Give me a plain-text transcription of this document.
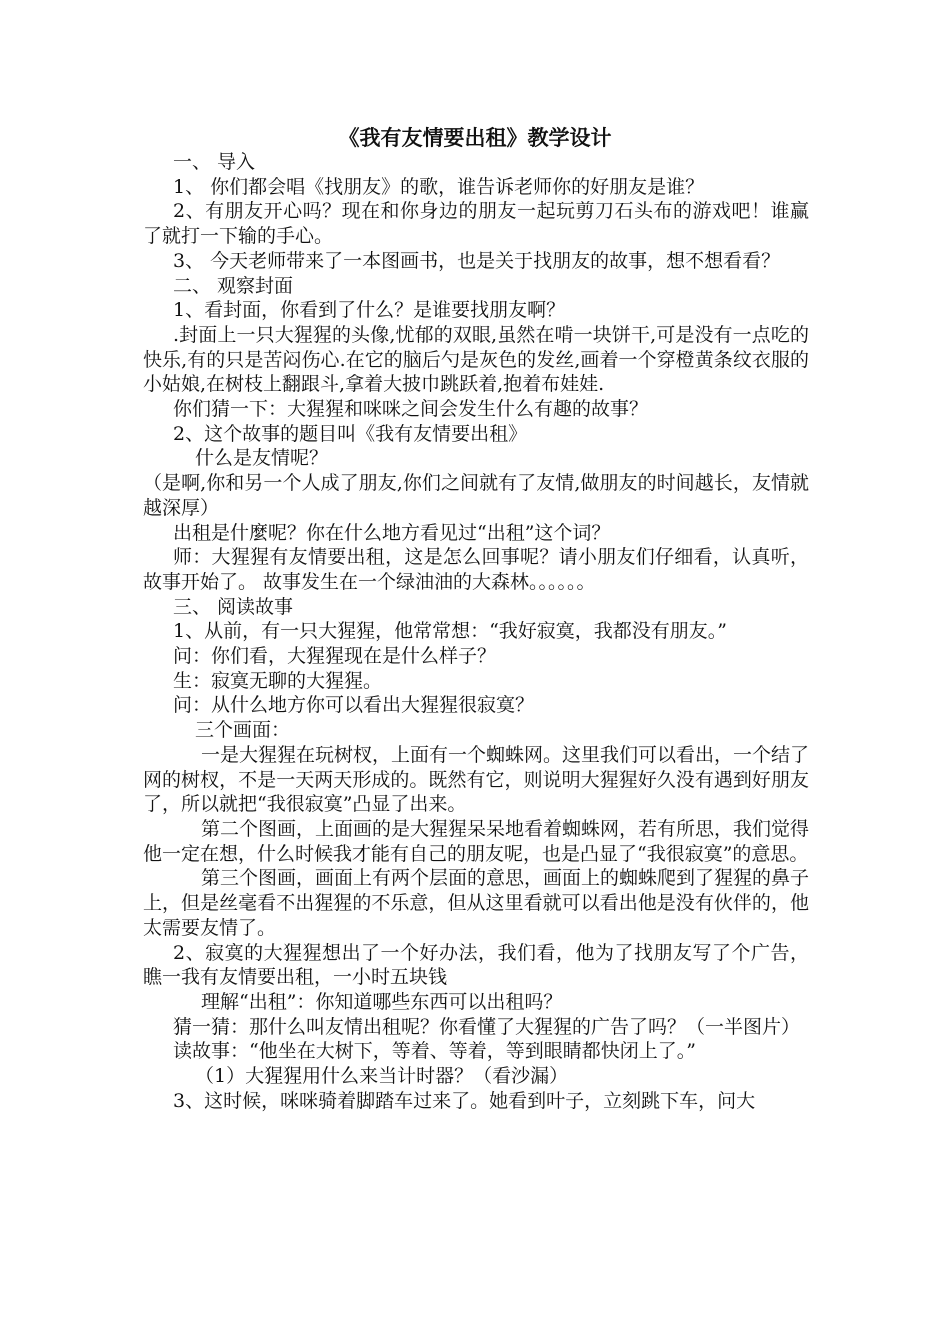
《我有友情要出租》教学设计

一、 导入

1、 你们都会唱《找朋友》的歌，谁告诉老师你的好朋友是谁？

2、有朋友开心吗？现在和你身边的朋友一起玩剪刀石头布的游戏吧！谁赢了就打一下输的手心。

3、 今天老师带来了一本图画书，也是关于找朋友的故事，想不想看看？

二、 观察封面

1、看封面，你看到了什么？是谁要找朋友啊？

.封面上一只大猩猩的头像,忧郁的双眼,虽然在啃一块饼干,可是没有一点吃的快乐,有的只是苦闷伤心.在它的脑后勺是灰色的发丝,画着一个穿橙黄条纹衣服的小姑娘,在树枝上翻跟斗,拿着大披巾跳跃着,抱着布娃娃.

你们猜一下：大猩猩和咪咪之间会发生什么有趣的故事？

2、这个故事的题目叫《我有友情要出租》

什么是友情呢？

（是啊,你和另一个人成了朋友,你们之间就有了友情,做朋友的时间越长，友情就越深厚）

出租是什麼呢？你在什么地方看见过“出租”这个词？

师：大猩猩有友情要出租，这是怎么回事呢？请小朋友们仔细看，认真听，故事开始了。 故事发生在一个绿油油的大森林。。。。。。

三、 阅读故事

1、从前，有一只大猩猩，他常常想：“我好寂寞，我都没有朋友。”

问：你们看，大猩猩现在是什么样子？

生：寂寞无聊的大猩猩。

问：从什么地方你可以看出大猩猩很寂寞？

三个画面：

一是大猩猩在玩树杈，上面有一个蜘蛛网。这里我们可以看出，一个结了网的树杈，不是一天两天形成的。既然有它，则说明大猩猩好久没有遇到好朋友了，所以就把“我很寂寞”凸显了出来。

第二个图画，上面画的是大猩猩呆呆地看着蜘蛛网，若有所思，我们觉得他一定在想，什么时候我才能有自己的朋友呢，也是凸显了“我很寂寞”的意思。

第三个图画，画面上有两个层面的意思，画面上的蜘蛛爬到了猩猩的鼻子上，但是丝毫看不出猩猩的不乐意，但从这里看就可以看出他是没有伙伴的，他太需要友情了。

2、寂寞的大猩猩想出了一个好办法，我们看，他为了找朋友写了个广告，瞧一我有友情要出租，一小时五块钱

理解“出租”：你知道哪些东西可以出租吗？

猜一猜：那什么叫友情出租呢？你看懂了大猩猩的广告了吗？（一半图片）

读故事：“他坐在大树下，等着、等着，等到眼睛都快闭上了。”

（1）大猩猩用什么来当计时器？（看沙漏）

3、这时候，咪咪骑着脚踏车过来了。她看到叶子，立刻跳下车，问大
